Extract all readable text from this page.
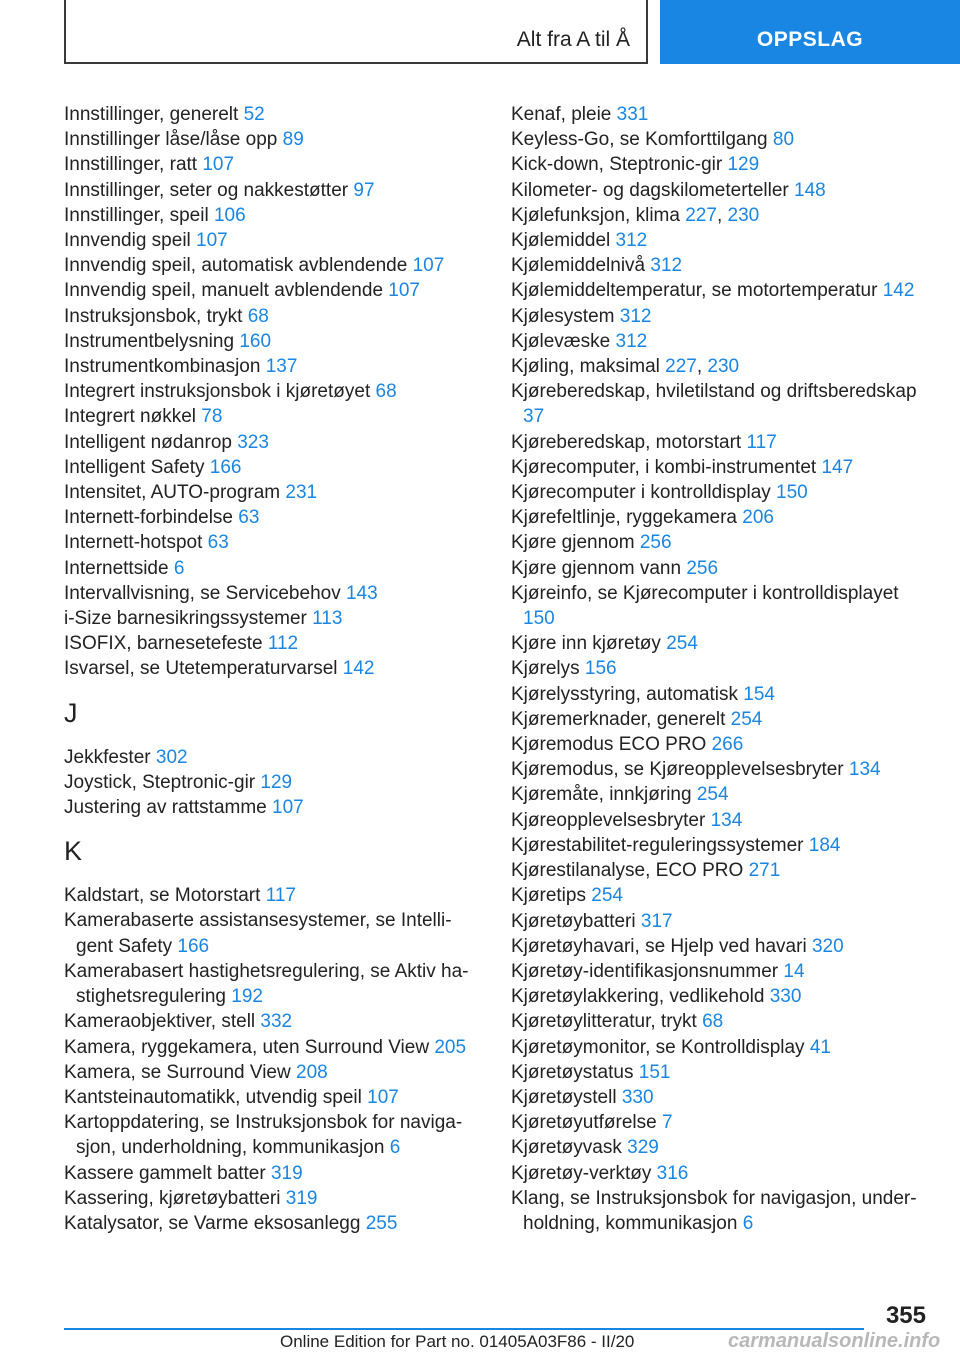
Alt fra A til Å	OPPSLAG
Innstillinger, generelt 52
Innstillinger låse/låse opp 89
Innstillinger, ratt 107
Innstillinger, seter og nakkestøtter 97
Innstillinger, speil 106
Innvendig speil 107
Innvendig speil, automatisk avblendende 107
Innvendig speil, manuelt avblendende 107
Instruksjonsbok, trykt 68
Instrumentbelysning 160
Instrumentkombinasjon 137
Integrert instruksjonsbok i kjøretøyet 68
Integrert nøkkel 78
Intelligent nødanrop 323
Intelligent Safety 166
Intensitet, AUTO-program 231
Internett-forbindelse 63
Internett-hotspot 63
Internettside 6
Intervallvisning, se Servicebehov 143
i-Size barnesikringssystemer 113
ISOFIX, barnesetefeste 112
Isvarsel, se Utetemperaturvarsel 142
J
Jekkfester 302
Joystick, Steptronic-gir 129
Justering av rattstamme 107
K
Kaldstart, se Motorstart 117
Kamerabaserte assistansesystemer, se Intelligent Safety 166
Kamerabasert hastighetsregulering, se Aktiv hastighetsregulering 192
Kameraobjektiver, stell 332
Kamera, ryggekamera, uten Surround View 205
Kamera, se Surround View 208
Kantsteinautomatikk, utvendig speil 107
Kartoppdatering, se Instruksjonsbok for navigasjon, underholdning, kommunikasjon 6
Kassere gammelt batter 319
Kassering, kjøretøybatteri 319
Katalysator, se Varme eksosanlegg 255
Kenaf, pleie 331
Keyless-Go, se Komforttilgang 80
Kick-down, Steptronic-gir 129
Kilometer- og dagskilometerteller 148
Kjølefunksjon, klima 227, 230
Kjølemiddel 312
Kjølemiddelnivå 312
Kjølemiddeltemperatur, se motortemperatur 142
Kjølesystem 312
Kjølevæske 312
Kjøling, maksimal 227, 230
Kjøreberedskap, hviletilstand og driftsberedskap 37
Kjøreberedskap, motorstart 117
Kjørecomputer, i kombi-instrumentet 147
Kjørecomputer i kontrolldisplay 150
Kjørefeltlinje, ryggekamera 206
Kjøre gjennom 256
Kjøre gjennom vann 256
Kjøreinfo, se Kjørecomputer i kontrolldisplayet 150
Kjøre inn kjøretøy 254
Kjørelys 156
Kjørelysstyring, automatisk 154
Kjøremerknader, generelt 254
Kjøremodus ECO PRO 266
Kjøremodus, se Kjøreopplevelsesbryter 134
Kjøremåte, innkjøring 254
Kjøreopplevelsesbryter 134
Kjørestabilitet-reguleringssystemer 184
Kjørestilanalyse, ECO PRO 271
Kjøretips 254
Kjøretøybatteri 317
Kjøretøyhavari, se Hjelp ved havari 320
Kjøretøy-identifikasjonsnummer 14
Kjøretøylakkering, vedlikehold 330
Kjøretøylitteratur, trykt 68
Kjøretøymonitor, se Kontrolldisplay 41
Kjøretøystatus 151
Kjøretøystell 330
Kjøretøyutførelse 7
Kjøretøyvask 329
Kjøretøy-verktøy 316
Klang, se Instruksjonsbok for navigasjon, underholdning, kommunikasjon 6
355
Online Edition for Part no. 01405A03F86 - II/20	carmanualsonline.info
